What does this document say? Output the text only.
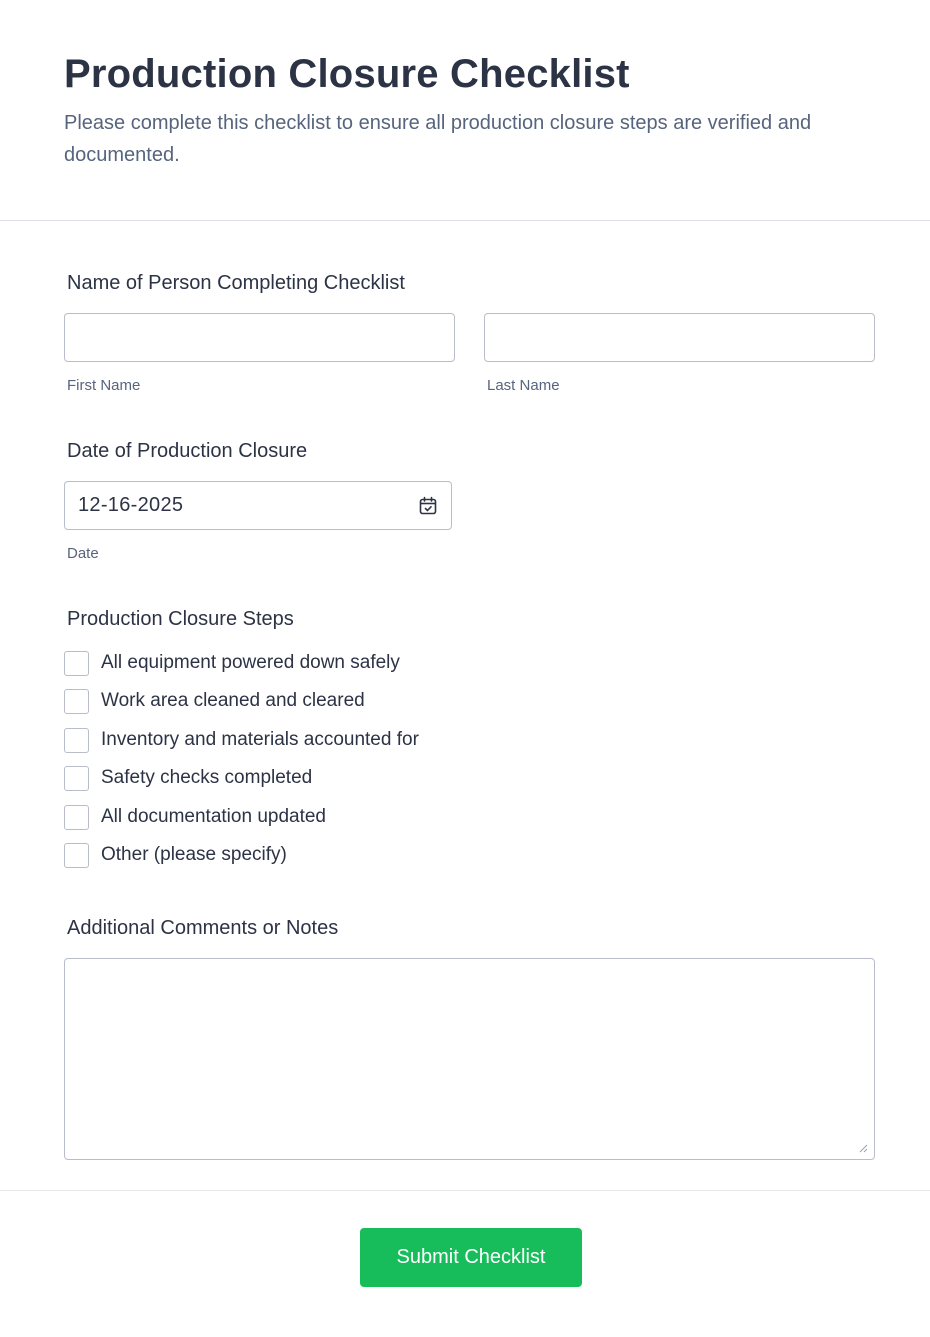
Production Closure Checklist

Please complete this checklist to ensure all production closure steps are verified and documented.

Name of Person Completing Checklist
First Name	Last Name
Date of Production Closure
12-16-2025
Date
Production Closure Steps
All equipment powered down safely
Work area cleaned and cleared
Inventory and materials accounted for
Safety checks completed
All documentation updated
Other (please specify)
Additional Comments or Notes
Submit Checklist
